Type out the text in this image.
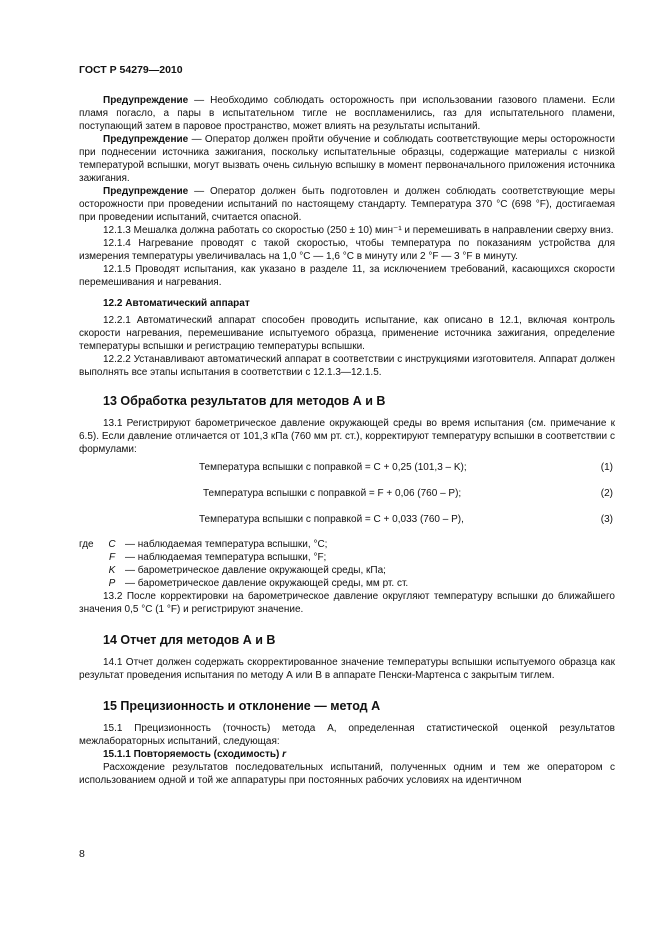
ГОСТ Р 54279—2010

Предупреждение — Необходимо соблюдать осторожность при использовании газового пламени. Если пламя погасло, а пары в испытательном тигле не воспламенились, газ для испытательного пламени, поступающий затем в паровое пространство, может влиять на результаты испытаний.

Предупреждение — Оператор должен пройти обучение и соблюдать соответствующие меры осторожности при поднесении источника зажигания, поскольку испытательные образцы, содержащие материалы с низкой температурой вспышки, могут вызвать очень сильную вспышку в момент первоначального приложения источника зажигания.

Предупреждение — Оператор должен быть подготовлен и должен соблюдать соответствующие меры осторожности при проведении испытаний по настоящему стандарту. Температура 370 °С (698 °F), достигаемая при проведении испытаний, считается опасной.

12.1.3 Мешалка должна работать со скоростью (250 ± 10) мин⁻¹ и перемешивать в направлении сверху вниз.

12.1.4 Нагревание проводят с такой скоростью, чтобы температура по показаниям устройства для измерения температуры увеличивалась на 1,0 °С — 1,6 °С в минуту или 2 °F — 3 °F в минуту.

12.1.5 Проводят испытания, как указано в разделе 11, за исключением требований, касающихся скорости перемешивания и нагревания.

12.2 Автоматический аппарат

12.2.1 Автоматический аппарат способен проводить испытание, как описано в 12.1, включая контроль скорости нагревания, перемешивание испытуемого образца, применение источника зажигания, определение температуры вспышки и регистрацию температуры вспышки.

12.2.2 Устанавливают автоматический аппарат в соответствии с инструкциями изготовителя. Аппарат должен выполнять все этапы испытания в соответствии с 12.1.3—12.1.5.

13 Обработка результатов для методов А и В

13.1 Регистрируют барометрическое давление окружающей среды во время испытания (см. примечание к 6.5). Если давление отличается от 101,3 кПа (760 мм рт. ст.), корректируют температуру вспышки в соответствии с формулами:

Температура вспышки с поправкой = C + 0,25 (101,3 – K);	(1)
Температура вспышки с поправкой = F + 0,06 (760 – P);	(2)
Температура вспышки с поправкой = C + 0,033 (760 – P),	(3)
где	C — наблюдаемая температура вспышки, °С;
F — наблюдаемая температура вспышки, °F;
K — барометрическое давление окружающей среды, кПа;
P — барометрическое давление окружающей среды, мм рт. ст.

13.2 После корректировки на барометрическое давление округляют температуру вспышки до ближайшего значения 0,5 °С (1 °F) и регистрируют значение.

14 Отчет для методов А и В

14.1 Отчет должен содержать скорректированное значение температуры вспышки испытуемого образца как результат проведения испытания по методу А или В в аппарате Пенски-Мартенса с закрытым тиглем.

15 Прецизионность и отклонение — метод А

15.1 Прецизионность (точность) метода А, определенная статистической оценкой результатов межлабораторных испытаний, следующая:

15.1.1 Повторяемость (сходимость) r

Расхождение результатов последовательных испытаний, полученных одним и тем же оператором с использованием одной и той же аппаратуры при постоянных рабочих условиях на идентичном

8
